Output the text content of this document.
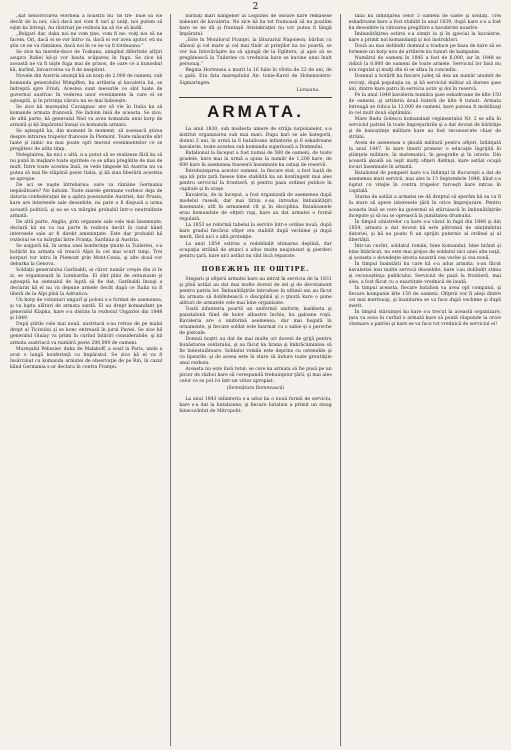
2

„kat nenorociirea eternelă a noastră nu ’ns tre- buie să vie decât de la noi; căci dacă noi vom fi tari şi uniţi, noi putem să eşim ka întregi. Au răstrnat pe rezboiu ka să vie să kadă.

„Bulgari dar, daka noi ne vom ţine, vom fi ne- voiţi noi să ne facem. Ori, dacă ei se vor întru- ni, dacă ei vor avea ajutor, eŭ nu ştiu ce ne va rămânea, dacă noi în ce ne va fi totdeauna.”

Se zice ka marele-duce de Toskana, aimgînd diferitele atîţiri asupra Italiei kă-şi vor kauta scăparea în fuga. Se zice kă această ne va fi nişte fuga mai de prisos, de oare ce a kunoskut kă, kurînd, întoarcerea va fi de neapărat.

Nuvele din Austria anunţă kă un korp de 2,000 de oameni, sub komanda generalului Wimpffen, ku artileria şi kavaleria lui, se îndreptă spre Friuli. Acestea sunt mesurile ce sînt luate de guvernul austriac în vederea unor evenimente la care el se aşteaptă, şi în privinţa cărora nu se mai îndoieşte.

Se zice kă mareşalul Cavaignac are să vie în Italia ka să komande armata franceză. Ne îndoim însă de aceasta. Se zice, de altă parte, kă generalul Niel va avea komanda unui korp de armată şi kă împăratul însuşi va komanda armata.

Se aşteaptă ka, din moment în moment, să sosească ştirea despre intrarea trupelor franceze în Piemont. Toate măsurile sînt luate şi nimic nu mai poate opri mersul evenimentelor ce se pregătesc de atîta timp.

Nelegiuirea, ka nici o altă, n-a putut să se realizeze fără ka să nu pună în mişkare toate spiritele ce se aflau pregătite de mai de mult. Între toate acestea însă, se vede limpede kă Austria nu va putea să mai fie stăpână peste Italia, şi kă ziua liberării acesteia se apropie.

De aci se naşte întrebarea: oare va rămâne Germania nepăsătoare? Ne îndoim. Toate ziarele germane vorbesc deja de datoria confederaţiei de a apăra posesiunile Austriei; dar Prusia, kare are interesele sale deosebite, nu pare a fi dispusă a urma această politică, şi ea se va mărgini probabil într-o neutralitate armată.

De altă parte, Anglia, prin organele sale cele mai însemnate, declară kă nu va lua parte la rezboiu decât în cazul kând interesele sale ar fi direkt ameninţate. Este dar probabil kă rezboiul se va mărgini între Franţa, Sardinia şi Austria.

Se asigură kă, în urma unei konferinţe ţinute la Tuileries, s-a hotărât ka armata să treacă Alpii în cel mai scurt timp. Trei korpuri vor intra în Piemont prin Mont-Cenis, şi alte două vor debarka la Genova.

Soldaţii generalului Garibaldi, ai căror număr creşte din zi în zi, se organizează în Lombardia. Ei sînt plini de entuziasm şi aşteaptă ka semnalul de luptă să fie dat. Garibaldi însuşi a declarat kă el nu va depune armele decât după ce Italia va fi liberă de la Alpi pînă la Adriatica.

Un korp de voluntari ungurî şi poloni s-a format de asemenea, şi va lupta alături de armata sardă. Ei au drept komandant pe generalul Klapka, kare s-a distins în rezboiul Ungariei din 1848 şi 1849.

După ştirile cele mai nouă, austriacii s-au retras de pe malul drept al Ticinului şi se konc entrează în jurul Paviei. Se zice kă generalul Giulay va primi în curînd întăriri considerabile, şi kă armata austriacă va numără peste 200,000 de oameni.

Mareşalul Pelissier, duka de Malakoff, a sosit la Paris, unde a avut o lungă konferinţă cu împăratul. Se zice kă el va fi însărcinat cu komanda armatei de observaţie de pe Rin, în cazul kând Germania s-ar declara în contra Franţei.

bărbaţi mari kangelier al Legiunei de onoare kare remasese nakeunt de kavaleria. Ne zice kă ha tot frumoasă să nu poatăm kare se ne dă şi fruntaşii Aristakraţiei nu vor putea fi lângă împăratul.

„Este în Monitorul Franţei, la lăturariul Napoleon, bărbat cu dânsul şi cel mare şi cel mai tînăr al prinţilor ka nu poartă, se vor lua întovărăşire ka să ajungă de la Eglitera, şi apoi să se pregătească la Tuileries cu vrednicia kare se kuvine unui înalt personaj.”

Regina Hortensia a murit la 16 Iulie în vîrsta de 22 de ani, de o gală. Era fata mareşalului An- tonie-Karol de Hohenzolern-Sigmaringen.

Lionaana.
ARMATA.

La anul 1830, sub modesta umere de străja naţionalelor, s-a institut organizarea sub mai mari. Dupa kari se ale kategorii, domni 3 ani, în urmă la 6 batalioane infanterie şi 6 eskadroane kavalerie, toate acestea sub komanda superioară a Domnului.

Batalionul la început a fost numai de 580 de oameni, de toate gradele, kare mai la urmă a ajuns la număr de 1,200 kare, de 600 kare în asemenea fuseseră însemnate ka ostaşi de reservă.

Întrebuinţarea acestor oameni, la fiecare stat, a fost luată de aşa kă prin ţară fusese bine stabilită ka un kontingent mai ales pentru serviciul la frontieră, şi pentru paza ordinei publice în capitale şi în oraşe.

Kavaleria, de la început, a fost organizată de asemenea după modelul rusesk, dar mai tîrziu s-au introdus îmbunătăţiri însemnate, atît în armament cît şi în disciplina. Batalioanele erau komandate de ofiţeri ruşi, kare au dat armatei o formă regulată.

La 1853 se reformă tabelul la servire într-o ordine nouă, după kare gradul fiecărui ofiţer era stabilit după vechime şi după merit, fără nici o altă protekţie.

La anul 1854 ostirea a redobîndit stimarea deplină, dar ocupaţia străină de atunci a adus multe neajunsuri şi pierderi pentru ţară, kare nici astăzi nu sînt încă reparate.

ПОВЕЖНЪ ПЕ ОШТІРЕ.

Stegarii şi ofiţerii armatei kare au intrat în serviciu de la 1831 şi pînă astăzi au dat mai multe dovezi de zel şi de devotament pentru patria lor. Îmbunătăţirile introduse în ultimii ani au făcut ka armata să dobîndească o disciplină şi o ţinută kare o pune alături de armatele cele mai bine organizate.

Toată infanteria poartă un uniformă uniform, kaskheta şi panatalonii fiind de kolor albastru închis, ku galoane roşii. Kavaleria are o uniformă asemenea, dar mai bogată în ornamente, şi fiecare soldat este înarmat cu o sabie şi o pereche de pistoale.

Domnii noştri au dat de mai multe ori dovezi de grijă pentru bunăstarea soldatului, şi au făcut ka hrana şi îmbrăcămintea să fie îndestulătoare. Soldatul român este deprins cu ostenelile şi cu lipsurile, şi de aceea este în stare să îndure toate greutăţile unui rezboiu.

Aceasta nu este însă totul; se cere ka armata să fie pusă pe un picior de război kare să corespundă trebuinţelor ţării, şi mai ales celor ce se pot ivi într-un viitor apropiat.

(Semnătura Domnească)

La anul 1843 infanteria s-a adus ka o nouă formă de serviciu, kare s-a dat la batalioane, şi fiecare batalion a primit un steag binecuvîntat de Mitropolit.

talia ku înfiinţarea celor 5 oameni de oaste şi soldaţi. Trei eskadroane kare a fost stabilit la anul 1839, după kare s-a a fost ku deosebire la viitoarea pregătire a kavaleriei noastre.

Îmbunătăţirea ostirei s-a simţit la şi în şpecial la kavalerie, kare a primit noi komandanţi şi noi instruktori.

Două au mai dobîndit domnul a traduce pe baza de kare să se formeze un korp nou de artilerie ku tunuri de kampanie.

Numărul de oameni în 1845 a fost de 6,000, iar în 1848 se ridică la 8,000 de oameni de toate armele. Serviciul lor însă nu era regulat şi mulţi din ei se aflau în concediu.

Domnul a hotărît ka fiecare judeţ să dea un număr anumit de recruţi, după populaţia sa, şi kă serviciul militar să dureze şase ani, dintre kare patru în serviciu activ şi doi în reservă.

Pe la anul 1848 kavaleria număra şase eskadroane de kîte 150 de oameni, şi artileria două baterii de kîte 8 tunuri. Armata întreagă se ridica la 12,000 de oameni, kare puteau fi mobilizaţi în cel mult două săptămîni.

Mare Radu Golescu komandant regimentului Nr. 2 se afla în serviciul patriei în toate împrejurările şi a dat dovezi de bărbăţie şi de kunoştinţe militare kare au fost recunoscute chiar de străini.

Avem de asemenea o şkoală militară pentru ofiţeri, înfiinţată la anul 1847, în kare tinerii primesc o educaţie îngrijită în ştiinţele militare, în matematici, în geografie şi în istorie. Din această şkoală au ieşit mulţi ofiţeri distinşi, kare astăzi ocupă locuri însemnate în armată.

Batalionul de pompieri kare s-a înfiinţat în Bucureşti a dat de asemenea mari servicii, mai ales la 13 Septembrie 1848, kînd s-a luptat cu vitejie în contra trupelor turceşti kare intrau în capitală.

Starea de astăzi a armatei ne dă dreptul să sperăm kă ea va fi în stare să apere interesele ţării în orice împrejurare. Pentru aceasta însă se cere ka guvernul să stăruiască în îmbunătăţirile începute şi să nu se oprească la jumătatea drumului.

În timpul sinistrelor ca kare s-a văzut în fagii din 1848 şi din 1854, armata a dat dovezi kă este pătrunsă de simţimîntul datoriei, şi kă ea poate fi un sprijin puternic al ordinei şi al libertăţii.

Într-un cuvînt, soldatul român, bine komandat, bine hrănit şi bine îmbrăcat, nu este mai prejos de soldatul nici unei alte naţii, şi aceasta o dovedeşte istoria noastră cea veche şi cea nouă.

În timpul înaintării ku care kă s-a adus armata, s-au făcut kavaleriei mai multe servicii deosebite, kare i-au dobîndit stima şi recunoştinţa publicului. Serviciul de pază la frontieră, mai ales, a fost făcut cu o exactitate vrednică de laudă.

În timpul aceasta, fiecare batalion va avea opt companii, şi fiecare kompanie kîte 150 de oameni. Ofiţerii vor fi aleşi dintre cei mai merituoşi, şi înaintarea se va face după vechime şi după merit.

În timpul stăruinţei ku kare s-a trecut la această organizare, ţara va avea în curînd o armată kare să poată răspunde la orice chemare a patriei şi kare se va face tot vrednică de serviciul ei!
